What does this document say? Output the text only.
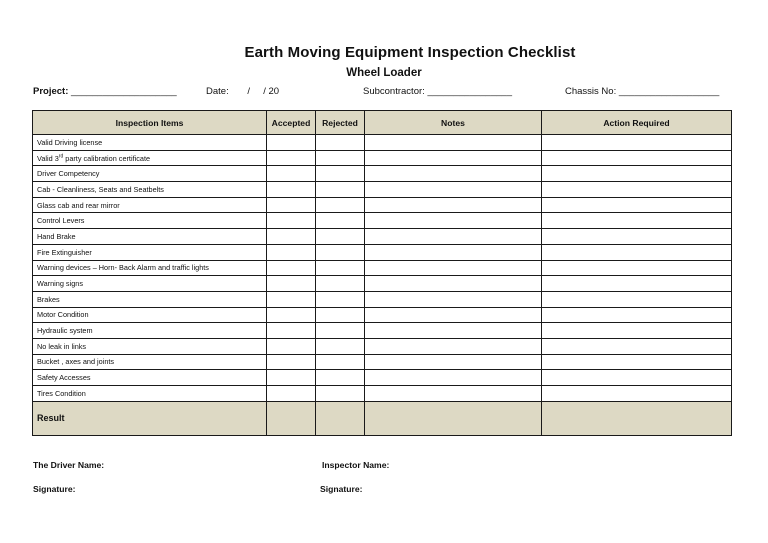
Earth Moving Equipment Inspection Checklist
Wheel Loader
Project: ____________________	Date: /     / 20	Subcontractor: ________________	Chassis No: ___________________
Inspection Items	Accepted	Rejected	Notes	Action Required
Valid Driving license				
Valid 3rd party calibration certificate				
Driver Competency				
Cab - Cleanliness, Seats and Seatbelts				
Glass cab and rear mirror				
Control Levers				
Hand Brake				
Fire Extinguisher				
Warning devices – Horn- Back Alarm and traffic lights				
Warning signs				
Brakes				
Motor Condition				
Hydraulic system				
No leak in links				
Bucket , axes and joints				
Safety Accesses				
Tires Condition				
Result				
The Driver Name:	Inspector Name:
Signature:	Signature:
